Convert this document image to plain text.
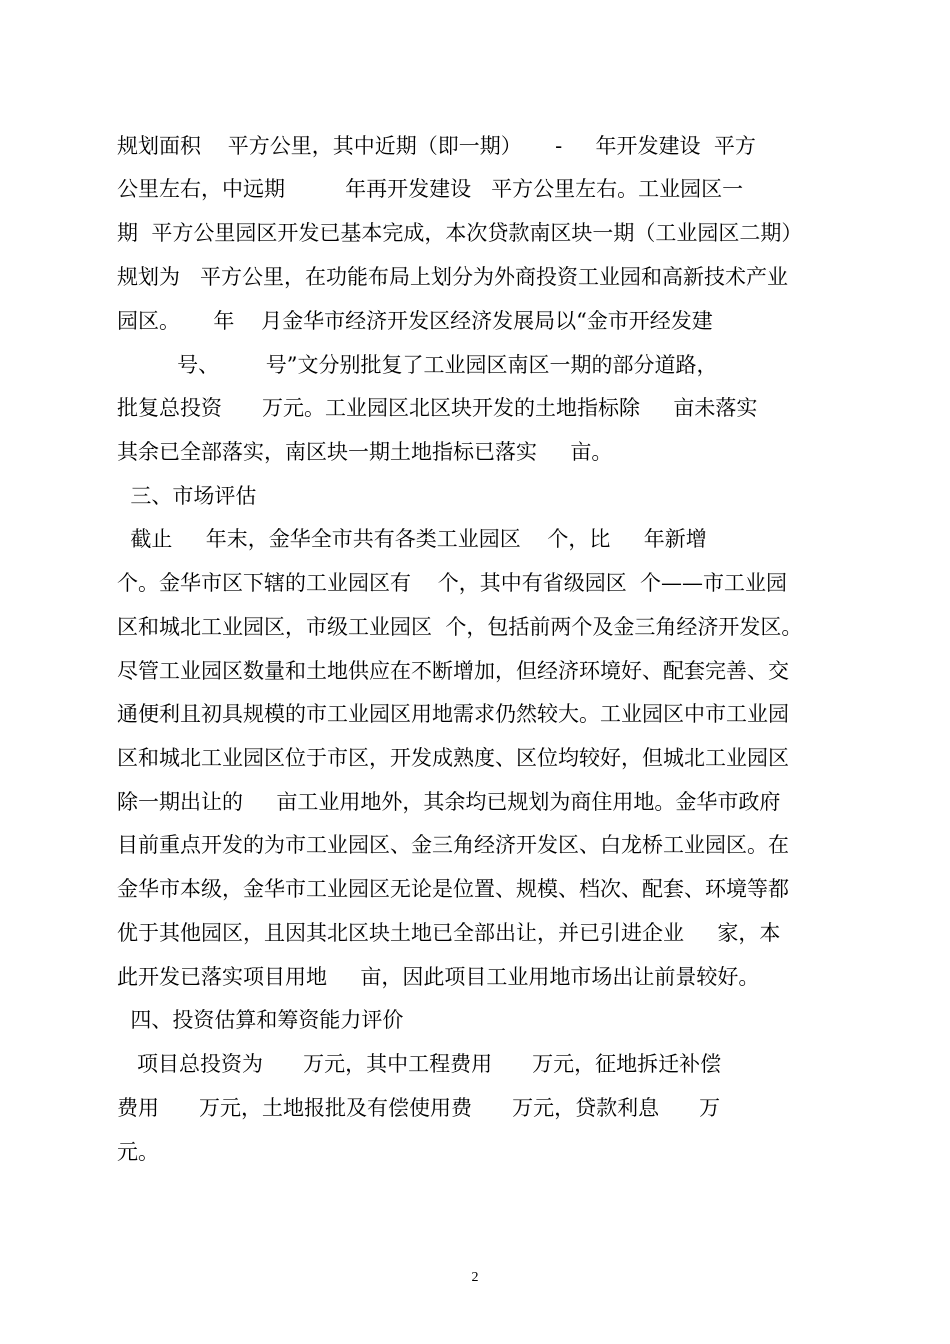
规划面积    平方公里，其中近期（即一期）     -     年开发建设  平方
公里左右，中远期         年再开发建设   平方公里左右。工业园区一
期  平方公里园区开发已基本完成，本次贷款南区块一期（工业园区二期）
规划为   平方公里，在功能布局上划分为外商投资工业园和高新技术产业
园区。     年    月金华市经济开发区经济发展局以“金市开经发建
号、       号”文分别批复了工业园区南区一期的部分道路，
批复总投资      万元。工业园区北区块开发的土地指标除     亩未落实
其余已全部落实，南区块一期土地指标已落实     亩。
三、市场评估
截止     年末，金华全市共有各类工业园区    个，比     年新增
个。金华市区下辖的工业园区有    个，其中有省级园区  个——市工业园
区和城北工业园区，市级工业园区  个，包括前两个及金三角经济开发区。
尽管工业园区数量和土地供应在不断增加，但经济环境好、配套完善、交
通便利且初具规模的市工业园区用地需求仍然较大。工业园区中市工业园
区和城北工业园区位于市区，开发成熟度、区位均较好，但城北工业园区
除一期出让的     亩工业用地外，其余均已规划为商住用地。金华市政府
目前重点开发的为市工业园区、金三角经济开发区、白龙桥工业园区。在
金华市本级，金华市工业园区无论是位置、规模、档次、配套、环境等都
优于其他园区，且因其北区块土地已全部出让，并已引进企业     家，本
此开发已落实项目用地     亩，因此项目工业用地市场出让前景较好。
四、投资估算和筹资能力评价
项目总投资为      万元，其中工程费用      万元，征地拆迁补偿
费用      万元，土地报批及有偿使用费      万元，贷款利息      万
元。
2
